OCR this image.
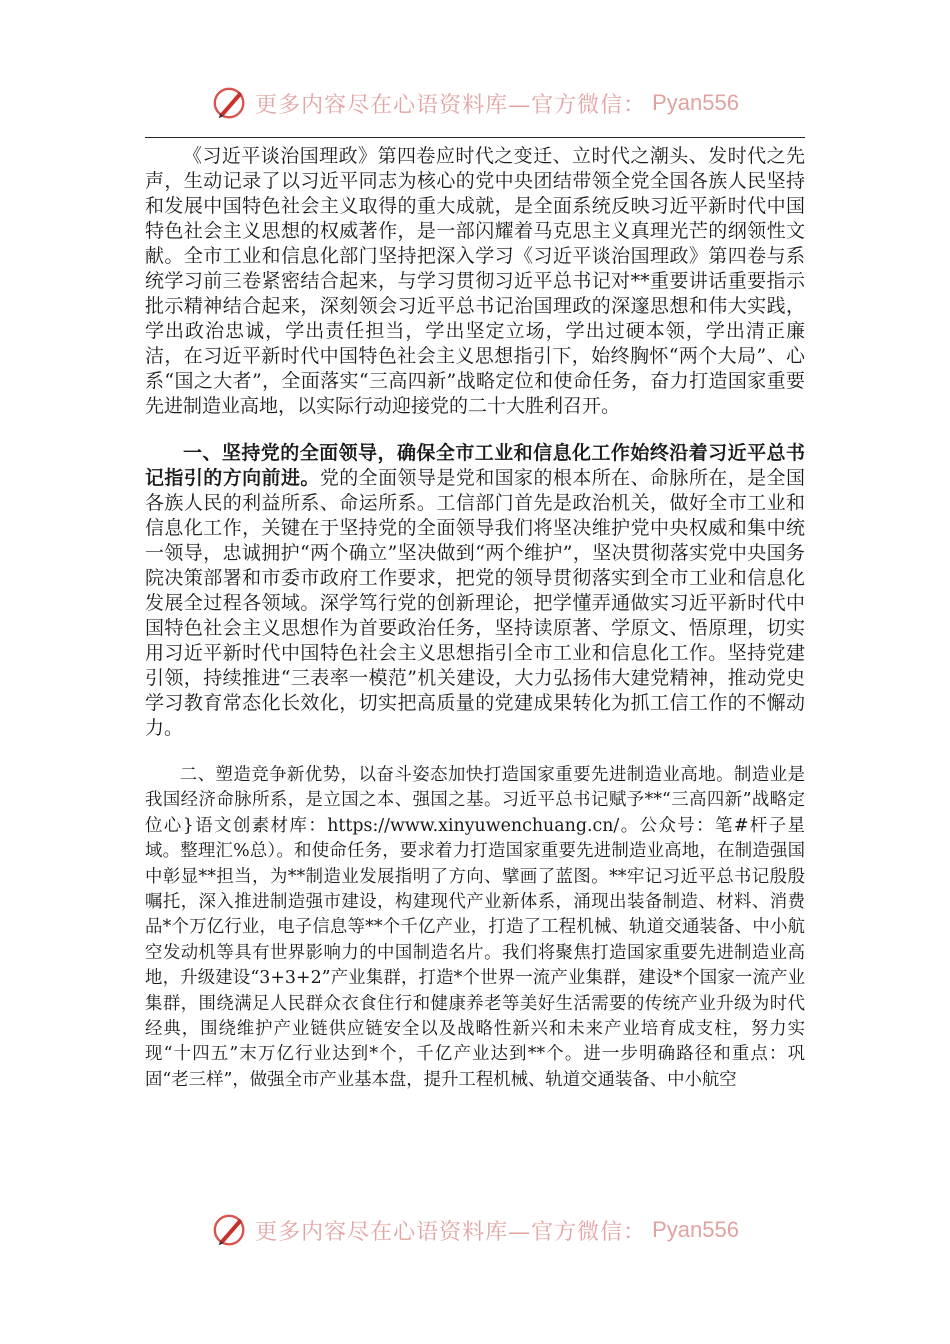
更多内容尽在心语资料库—官方微信： Pyan556

《习近平谈治国理政》第四卷应时代之变迁、立时代之潮头、发时代之先声，生动记录了以习近平同志为核心的党中央团结带领全党全国各族人民坚持和发展中国特色社会主义取得的重大成就，是全面系统反映习近平新时代中国特色社会主义思想的权威著作，是一部闪耀着马克思主义真理光芒的纲领性文献。全市工业和信息化部门坚持把深入学习《习近平谈治国理政》第四卷与系统学习前三卷紧密结合起来，与学习贯彻习近平总书记对**重要讲话重要指示批示精神结合起来，深刻领会习近平总书记治国理政的深邃思想和伟大实践，学出政治忠诚，学出责任担当，学出坚定立场，学出过硬本领，学出清正廉洁，在习近平新时代中国特色社会主义思想指引下，始终胸怀“两个大局”、心系“国之大者”，全面落实“三高四新”战略定位和使命任务，奋力打造国家重要先进制造业高地，以实际行动迎接党的二十大胜利召开。

一、坚持党的全面领导，确保全市工业和信息化工作始终沿着习近平总书记指引的方向前进。党的全面领导是党和国家的根本所在、命脉所在，是全国各族人民的利益所系、命运所系。工信部门首先是政治机关，做好全市工业和信息化工作，关键在于坚持党的全面领导我们将坚决维护党中央权威和集中统一领导，忠诚拥护“两个确立”坚决做到“两个维护”，坚决贯彻落实党中央国务院决策部署和市委市政府工作要求，把党的领导贯彻落实到全市工业和信息化发展全过程各领域。深学笃行党的创新理论，把学懂弄通做实习近平新时代中国特色社会主义思想作为首要政治任务，坚持读原著、学原文、悟原理，切实用习近平新时代中国特色社会主义思想指引全市工业和信息化工作。坚持党建引领，持续推进“三表率一模范”机关建设，大力弘扬伟大建党精神，推动党史学习教育常态化长效化，切实把高质量的党建成果转化为抓工信工作的不懈动力。

二、塑造竞争新优势，以奋斗姿态加快打造国家重要先进制造业高地。制造业是我国经济命脉所系，是立国之本、强国之基。习近平总书记赋予**“三高四新”战略定位心}语文创素材库：https://www.xinyuwenchuang.cn/。公众号：笔#杆子星域。整理汇%总）。和使命任务，要求着力打造国家重要先进制造业高地，在制造强国中彰显**担当，为**制造业发展指明了方向、擘画了蓝图。**牢记习近平总书记殷殷嘱托，深入推进制造强市建设，构建现代产业新体系，涌现出装备制造、材料、消费品*个万亿行业，电子信息等**个千亿产业，打造了工程机械、轨道交通装备、中小航空发动机等具有世界影响力的中国制造名片。我们将聚焦打造国家重要先进制造业高地，升级建设“3+3+2”产业集群，打造*个世界一流产业集群，建设*个国家一流产业集群，围绕满足人民群众衣食住行和健康养老等美好生活需要的传统产业升级为时代经典，围绕维护产业链供应链安全以及战略性新兴和未来产业培育成支柱，努力实现“十四五”末万亿行业达到*个，千亿产业达到**个。进一步明确路径和重点：巩固“老三样”，做强全市产业基本盘，提升工程机械、轨道交通装备、中小航空

更多内容尽在心语资料库—官方微信： Pyan556
